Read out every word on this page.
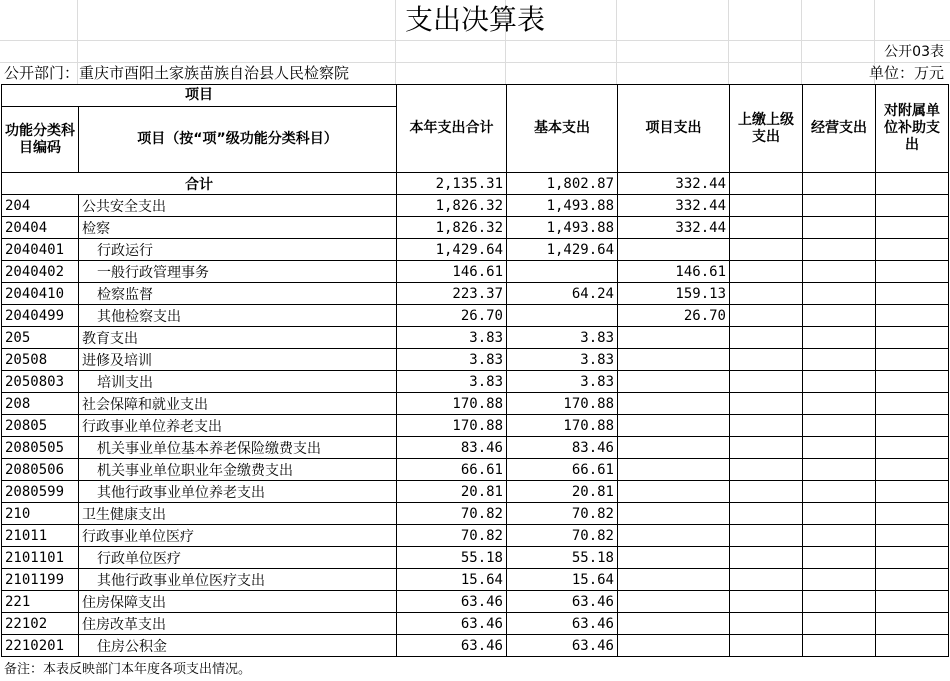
支出决算表
公开03表
公开部门：重庆市酉阳土家族苗族自治县人民检察院	单位：万元
项目		本年支出合计	基本支出	项目支出	上缴上级支出	经营支出	对附属单位补助支出
功能分类科目编码	项目（按“项”级功能分类科目）						
合计		2,135.31	1,802.87	332.44			
204	公共安全支出	1,826.32	1,493.88	332.44			
20404	检察	1,826.32	1,493.88	332.44			
2040401	行政运行	1,429.64	1,429.64				
2040402	一般行政管理事务	146.61		146.61			
2040410	检察监督	223.37	64.24	159.13			
2040499	其他检察支出	26.70		26.70			
205	教育支出	3.83	3.83				
20508	进修及培训	3.83	3.83				
2050803	培训支出	3.83	3.83				
208	社会保障和就业支出	170.88	170.88				
20805	行政事业单位养老支出	170.88	170.88				
2080505	机关事业单位基本养老保险缴费支出	83.46	83.46				
2080506	机关事业单位职业年金缴费支出	66.61	66.61				
2080599	其他行政事业单位养老支出	20.81	20.81				
210	卫生健康支出	70.82	70.82				
21011	行政事业单位医疗	70.82	70.82				
2101101	行政单位医疗	55.18	55.18				
2101199	其他行政事业单位医疗支出	15.64	15.64				
221	住房保障支出	63.46	63.46				
22102	住房改革支出	63.46	63.46				
2210201	住房公积金	63.46	63.46				
备注：本表反映部门本年度各项支出情况。
